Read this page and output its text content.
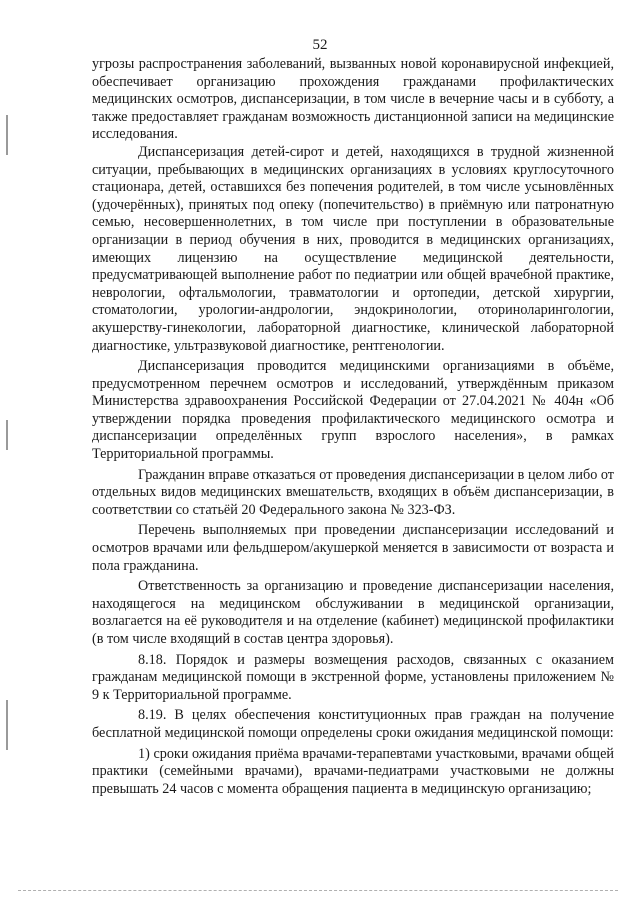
52

угрозы распространения заболеваний, вызванных новой коронавирусной инфекцией, обеспечивает организацию прохождения гражданами профилактических медицинских осмотров, диспансеризации, в том числе в вечерние часы и в субботу, а также предоставляет гражданам возможность дистанционной записи на медицинские исследования.

Диспансеризация детей-сирот и детей, находящихся в трудной жизненной ситуации, пребывающих в медицинских организациях в условиях круглосуточного стационара, детей, оставшихся без попечения родителей, в том числе усыновлённых (удочерённых), принятых под опеку (попечительство) в приёмную или патронатную семью, несовершеннолетних, в том числе при поступлении в образовательные организации в период обучения в них, проводится в медицинских организациях, имеющих лицензию на осуществление медицинской деятельности, предусматривающей выполнение работ по педиатрии или общей врачебной практике, неврологии, офтальмологии, травматологии и ортопедии, детской хирургии, стоматологии, урологии-андрологии, эндокринологии, оториноларингологии, акушерству-гинекологии, лабораторной диагностике, клинической лабораторной диагностике, ультразвуковой диагностике, рентгенологии.

Диспансеризация проводится медицинскими организациями в объёме, предусмотренном перечнем осмотров и исследований, утверждённым приказом Министерства здравоохранения Российской Федерации от 27.04.2021 № 404н «Об утверждении порядка проведения профилактического медицинского осмотра и диспансеризации определённых групп взрослого населения», в рамках Территориальной программы.

Гражданин вправе отказаться от проведения диспансеризации в целом либо от отдельных видов медицинских вмешательств, входящих в объём диспансеризации, в соответствии со статьёй 20 Федерального закона № 323-ФЗ.

Перечень выполняемых при проведении диспансеризации исследований и осмотров врачами или фельдшером/акушеркой меняется в зависимости от возраста и пола гражданина.

Ответственность за организацию и проведение диспансеризации населения, находящегося на медицинском обслуживании в медицинской организации, возлагается на её руководителя и на отделение (кабинет) медицинской профилактики (в том числе входящий в состав центра здоровья).

8.18. Порядок и размеры возмещения расходов, связанных с оказанием гражданам медицинской помощи в экстренной форме, установлены приложением № 9 к Территориальной программе.

8.19. В целях обеспечения конституционных прав граждан на получение бесплатной медицинской помощи определены сроки ожидания медицинской помощи:

1) сроки ожидания приёма врачами-терапевтами участковыми, врачами общей практики (семейными врачами), врачами-педиатрами участковыми не должны превышать 24 часов с момента обращения пациента в медицинскую организацию;
